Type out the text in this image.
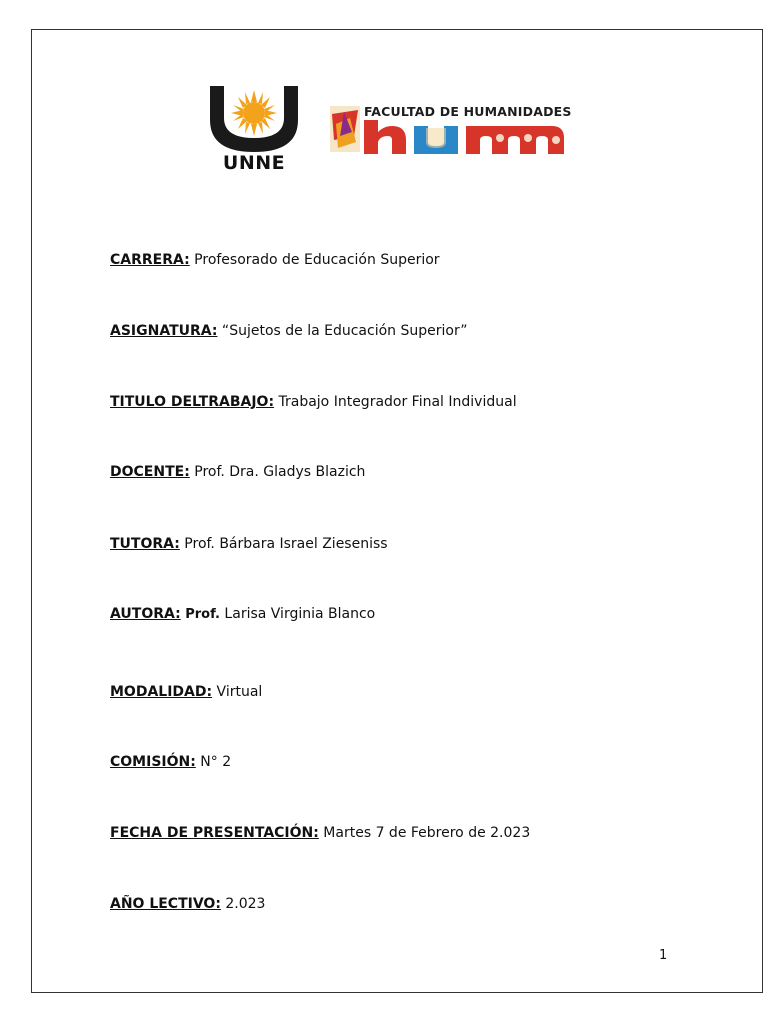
UNNE
FACULTAD DE HUMANIDADES
CARRERA: Profesorado de Educación Superior
ASIGNATURA: “Sujetos de la Educación Superior”
TITULO DELTRABAJO: Trabajo Integrador Final Individual
DOCENTE: Prof. Dra. Gladys Blazich
TUTORA: Prof. Bárbara Israel Zieseniss
AUTORA: Prof. Larisa Virginia Blanco
MODALIDAD: Virtual
COMISIÓN: N° 2
FECHA DE PRESENTACIÓN: Martes 7 de Febrero de 2.023
AÑO LECTIVO: 2.023
1
